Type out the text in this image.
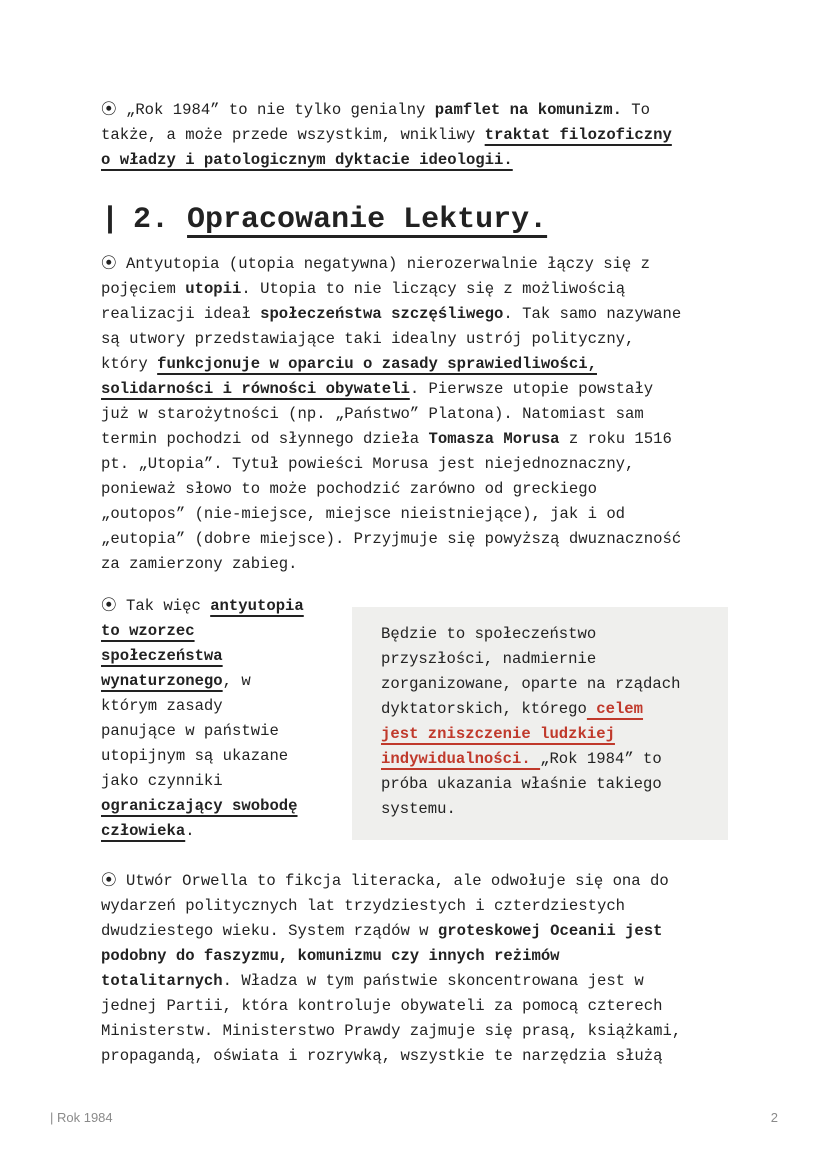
⦿ „Rok 1984” to nie tylko genialny pamflet na komunizm. To
także, a może przede wszystkim, wnikliwy traktat filozoficzny
o władzy i patologicznym dyktacie ideologii.
| 2. Opracowanie Lektury.
⦿ Antyutopia (utopia negatywna) nierozerwalnie łączy się z
pojęciem utopii. Utopia to nie liczący się z możliwością
realizacji ideał społeczeństwa szczęśliwego. Tak samo nazywane
są utwory przedstawiające taki idealny ustrój polityczny,
który funkcjonuje w oparciu o zasady sprawiedliwości,
solidarności i równości obywateli. Pierwsze utopie powstały
już w starożytności (np. „Państwo” Platona). Natomiast sam
termin pochodzi od słynnego dzieła Tomasza Morusa z roku 1516
pt. „Utopia”. Tytuł powieści Morusa jest niejednoznaczny,
ponieważ słowo to może pochodzić zarówno od greckiego
„outopos” (nie-miejsce, miejsce nieistniejące), jak i od
„eutopia” (dobre miejsce). Przyjmuje się powyższą dwuznaczność
za zamierzony zabieg.
⦿ Tak więc antyutopia
to wzorzec
społeczeństwa
wynaturzonego, w
którym zasady
panujące w państwie
utopijnym są ukazane
jako czynniki
ograniczający swobodę
człowieka.
Będzie to społeczeństwo
przyszłości, nadmiernie
zorganizowane, oparte na rządach
dyktatorskich, którego celem
jest zniszczenie ludzkiej
indywidualności. „Rok 1984” to
próba ukazania właśnie takiego
systemu.
⦿ Utwór Orwella to fikcja literacka, ale odwołuje się ona do
wydarzeń politycznych lat trzydziestych i czterdziestych
dwudziestego wieku. System rządów w groteskowej Oceanii jest
podobny do faszyzmu, komunizmu czy innych reżimów
totalitarnych. Władza w tym państwie skoncentrowana jest w
jednej Partii, która kontroluje obywateli za pomocą czterech
Ministerstw. Ministerstwo Prawdy zajmuje się prasą, książkami,
propagandą, oświata i rozrywką, wszystkie te narzędzia służą
| Rok 1984	2
